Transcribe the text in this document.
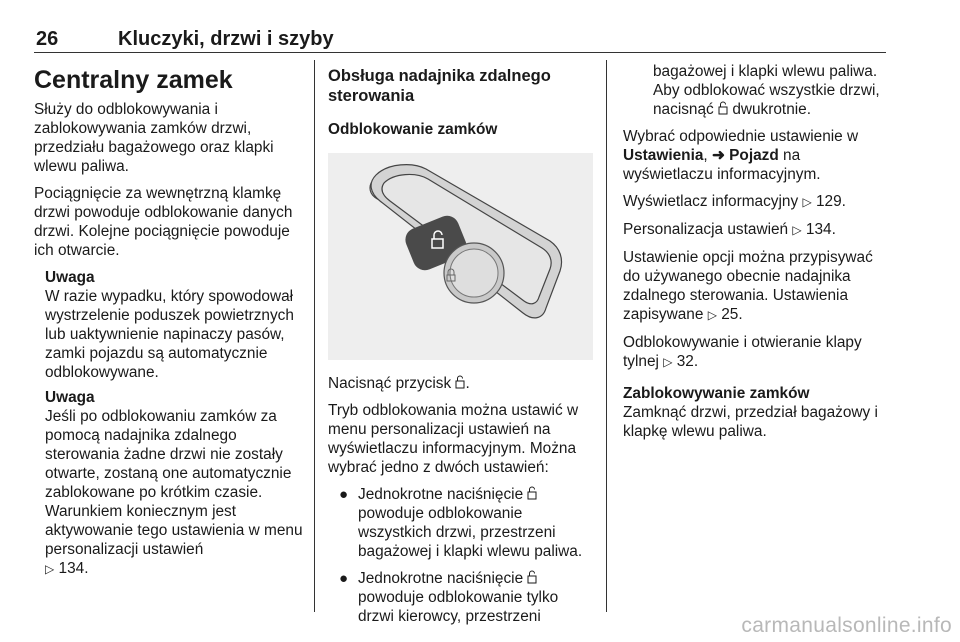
26	Kluczyki, drzwi i szyby
Centralny zamek

Służy do odblokowywania i zablokowywania zamków drzwi, przedziału bagażowego oraz klapki wlewu paliwa.

Pociągnięcie za wewnętrzną klamkę drzwi powoduje odblokowanie danych drzwi. Kolejne pociągnięcie powoduje ich otwarcie.

Uwaga
W razie wypadku, który spowodował wystrzelenie poduszek powietrznych lub uaktywnienie napinaczy pasów, zamki pojazdu są automatycznie odblokowywane.
Uwaga
Jeśli po odblokowaniu zamków za pomocą nadajnika zdalnego sterowania żadne drzwi nie zostały otwarte, zostaną one automatycznie zablokowane po krótkim czasie. Warunkiem koniecznym jest aktywowanie tego ustawienia w menu personalizacji ustawień
▷ 134.
Obsługa nadajnika zdalnego sterowania
Odblokowanie zamków

Nacisnąć przycisk .

Tryb odblokowania można ustawić w menu personalizacji ustawień na wyświetlaczu informacyjnym. Można wybrać jedno z dwóch ustawień:

● Jednokrotne naciśnięcie  powoduje odblokowanie wszystkich drzwi, przestrzeni bagażowej i klapki wlewu paliwa.
● Jednokrotne naciśnięcie  powoduje odblokowanie tylko drzwi kierowcy, przestrzeni

bagażowej i klapki wlewu paliwa. Aby odblokować wszystkie drzwi, nacisnąć dwukrotnie.

Wybrać odpowiednie ustawienie w Ustawienia, ➜ Pojazd na wyświetlaczu informacyjnym.

Wyświetlacz informacyjny ▷ 129.

Personalizacja ustawień ▷ 134.

Ustawienie opcji można przypisywać do używanego obecnie nadajnika zdalnego sterowania. Ustawienia zapisywane ▷ 25.

Odblokowywanie i otwieranie klapy tylnej ▷ 32.

Zablokowywanie zamków

Zamknąć drzwi, przedział bagażowy i klapkę wlewu paliwa.

carmanualsonline.info
